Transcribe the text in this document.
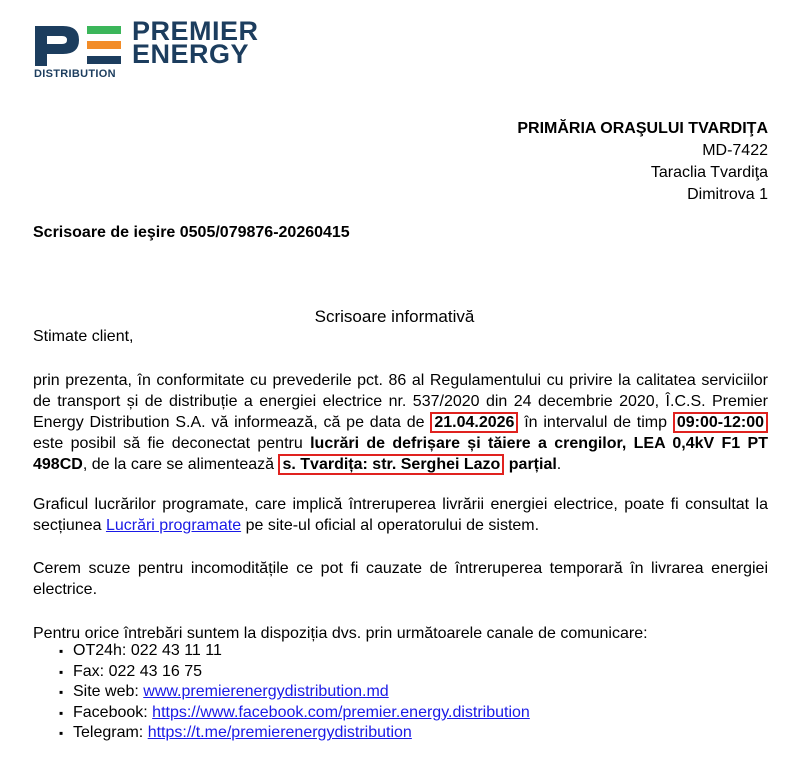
PREMIER
ENERGY
DISTRIBUTION
PRIMĂRIA ORAŞULUI TVARDIŢA
MD-7422
Taraclia Tvardiţa
Dimitrova 1
Scrisoare de ieşire 0505/079876-20260415
Scrisoare informativă
Stimate client,
prin prezenta, în conformitate cu prevederile pct. 86 al Regulamentului cu privire la calitatea serviciilor de transport și de distribuție a energiei electrice nr. 537/2020 din 24 decembrie 2020, Î.C.S. Premier Energy Distribution S.A. vă informează, că pe data de 21.04.2026 în intervalul de timp 09:00-12:00 este posibil să fie deconectat pentru lucrări de defrișare și tăiere a crengilor, LEA 0,4kV F1 PT 498CD, de la care se alimentează s. Tvardița: str. Serghei Lazo parțial.
Graficul lucrărilor programate, care implică întreruperea livrării energiei electrice, poate fi consultat la secțiunea Lucrări programate pe site-ul oficial al operatorului de sistem.
Cerem scuze pentru incomoditățile ce pot fi cauzate de întreruperea temporară în livrarea energiei electrice.
Pentru orice întrebări suntem la dispoziția dvs. prin următoarele canale de comunicare:
▪ OT24h: 022 43 11 11
▪ Fax: 022 43 16 75
▪ Site web: www.premierenergydistribution.md
▪ Facebook: https://www.facebook.com/premier.energy.distribution
▪ Telegram: https://t.me/premierenergydistribution
